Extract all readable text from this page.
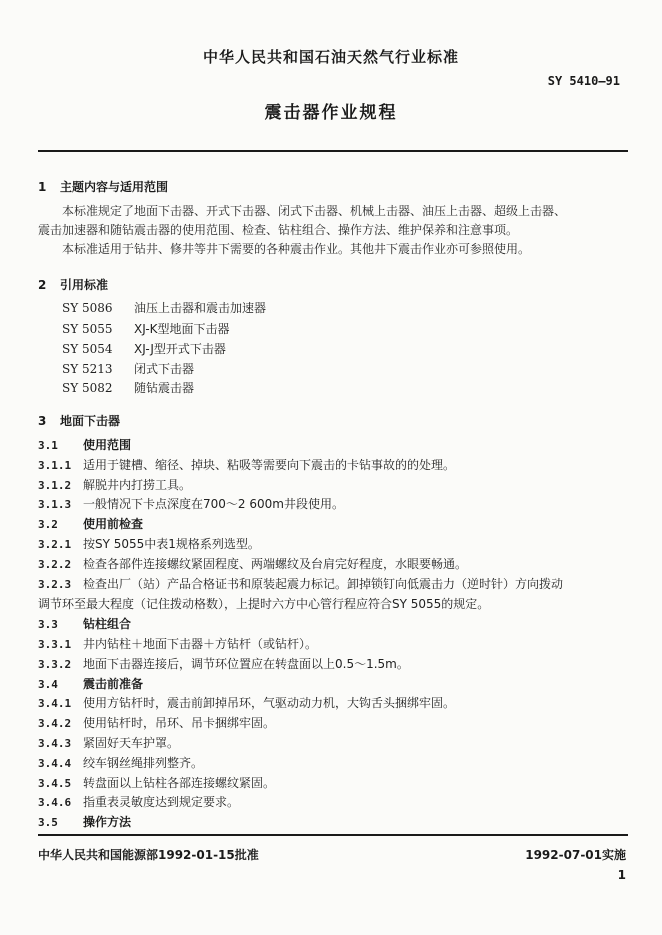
中华人民共和国石油天然气行业标准
SY 5410—91
震击器作业规程
1 主题内容与适用范围
本标准规定了地面下击器、开式下击器、闭式下击器、机械上击器、油压上击器、超级上击器、
震击加速器和随钻震击器的使用范围、检查、钻柱组合、操作方法、维护保养和注意事项。
本标准适用于钻井、修井等井下需要的各种震击作业。其他井下震击作业亦可参照使用。
2 引用标准
SY 5086 油压上击器和震击加速器
SY 5055 XJ-K型地面下击器
SY 5054 XJ-J型开式下击器
SY 5213 闭式下击器
SY 5082 随钻震击器
3 地面下击器
3.1 使用范围
3.1.1 适用于键槽、缩径、掉块、粘吸等需要向下震击的卡钻事故的的处理。
3.1.2 解脱井内打捞工具。
3.1.3 一般情况下卡点深度在700～2 600m井段使用。
3.2 使用前检查
3.2.1 按SY 5055中表1规格系列选型。
3.2.2 检查各部件连接螺纹紧固程度、两端螺纹及台肩完好程度，水眼要畅通。
3.2.3 检查出厂（站）产品合格证书和原装起震力标记。卸掉锁钉向低震击力（逆时针）方向拨动
调节环至最大程度（记住拨动格数），上提时六方中心管行程应符合SY 5055的规定。
3.3 钻柱组合
3.3.1 井内钻柱＋地面下击器＋方钻杆（或钻杆）。
3.3.2 地面下击器连接后，调节环位置应在转盘面以上0.5～1.5m。
3.4 震击前准备
3.4.1 使用方钻杆时，震击前卸掉吊环，气驱动动力机，大钩舌头捆绑牢固。
3.4.2 使用钻杆时，吊环、吊卡捆绑牢固。
3.4.3 紧固好天车护罩。
3.4.4 绞车钢丝绳排列整齐。
3.4.5 转盘面以上钻柱各部连接螺纹紧固。
3.4.6 指重表灵敏度达到规定要求。
3.5 操作方法
中华人民共和国能源部1992-01-15批准	1992-07-01实施
1
